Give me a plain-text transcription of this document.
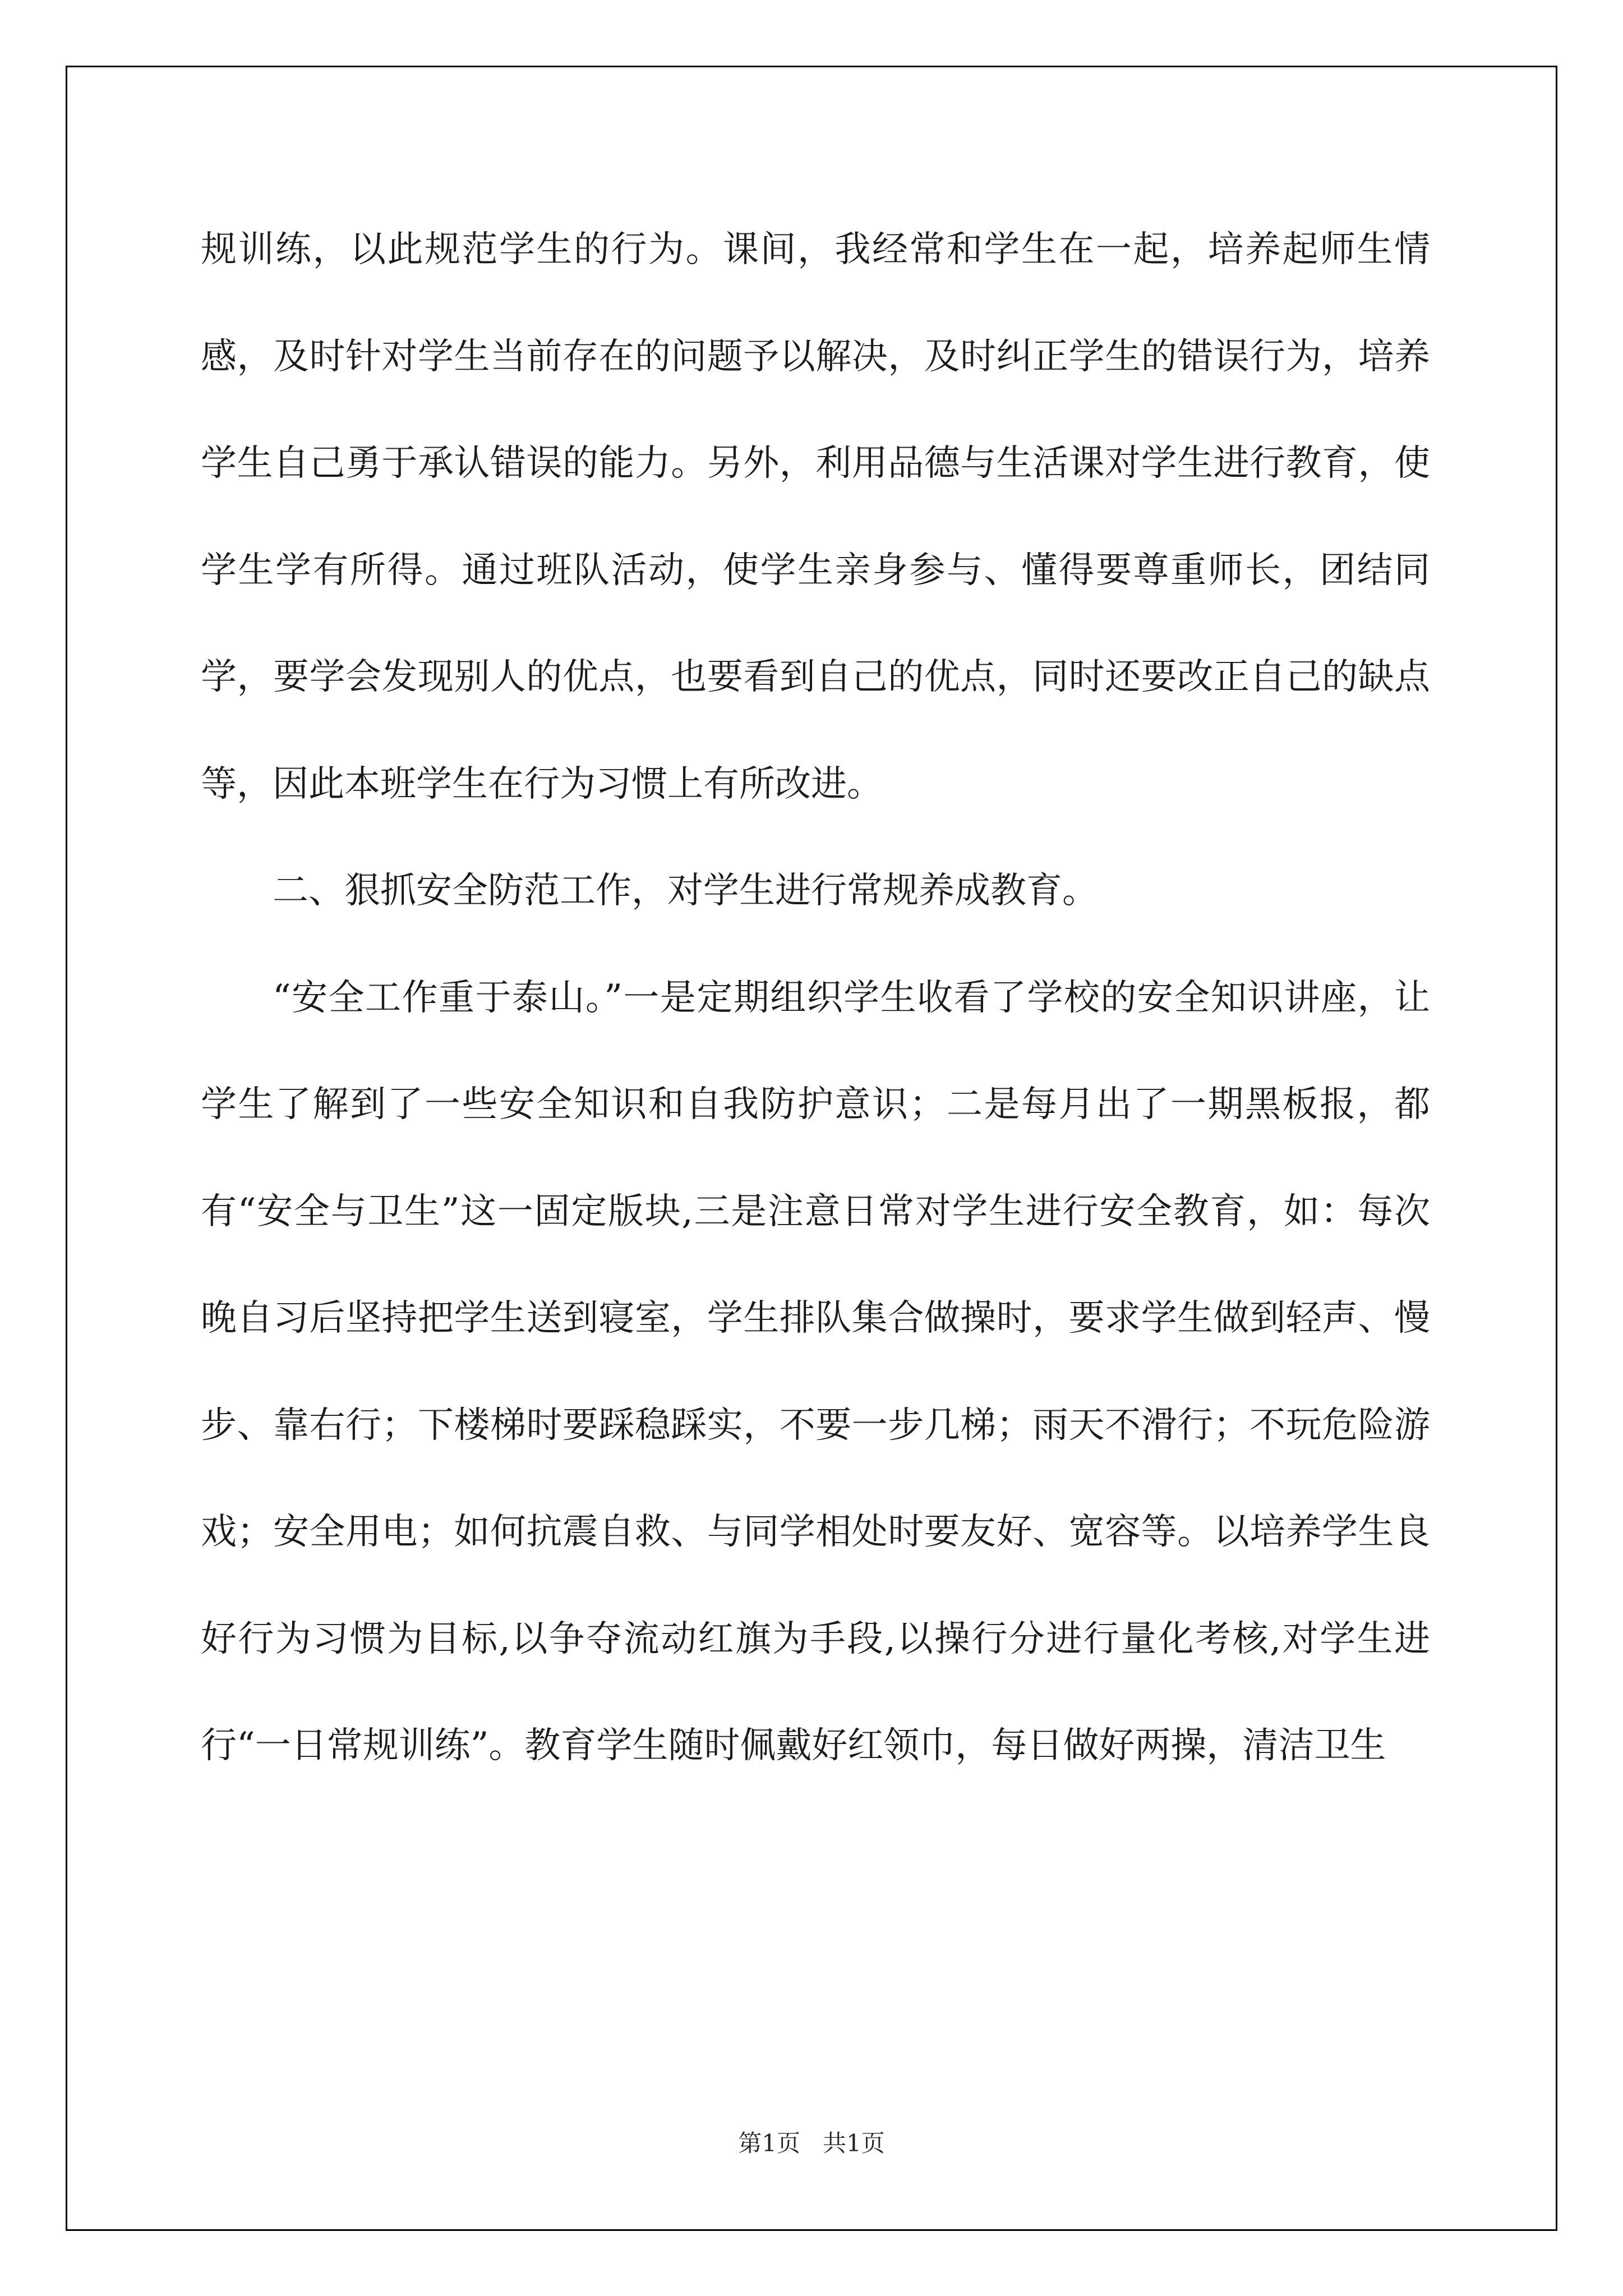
规训练，以此规范学生的行为。课间，我经常和学生在一起，培养起师生情感，及时针对学生当前存在的问题予以解决，及时纠正学生的错误行为，培养学生自己勇于承认错误的能力。另外，利用品德与生活课对学生进行教育，使学生学有所得。通过班队活动，使学生亲身参与、懂得要尊重师长，团结同学，要学会发现别人的优点，也要看到自己的优点，同时还要改正自己的缺点等，因此本班学生在行为习惯上有所改进。

二、狠抓安全防范工作，对学生进行常规养成教育。

“安全工作重于泰山。”一是定期组织学生收看了学校的安全知识讲座，让学生了解到了一些安全知识和自我防护意识；二是每月出了一期黑板报，都有“安全与卫生”这一固定版块,三是注意日常对学生进行安全教育，如：每次晚自习后坚持把学生送到寝室，学生排队集合做操时，要求学生做到轻声、慢步、靠右行；下楼梯时要踩稳踩实，不要一步几梯；雨天不滑行；不玩危险游戏；安全用电；如何抗震自救、与同学相处时要友好、宽容等。以培养学生良好行为习惯为目标,以争夺流动红旗为手段,以操行分进行量化考核,对学生进行“一日常规训练”。教育学生随时佩戴好红领巾，每日做好两操，清洁卫生

第1页   共1页
